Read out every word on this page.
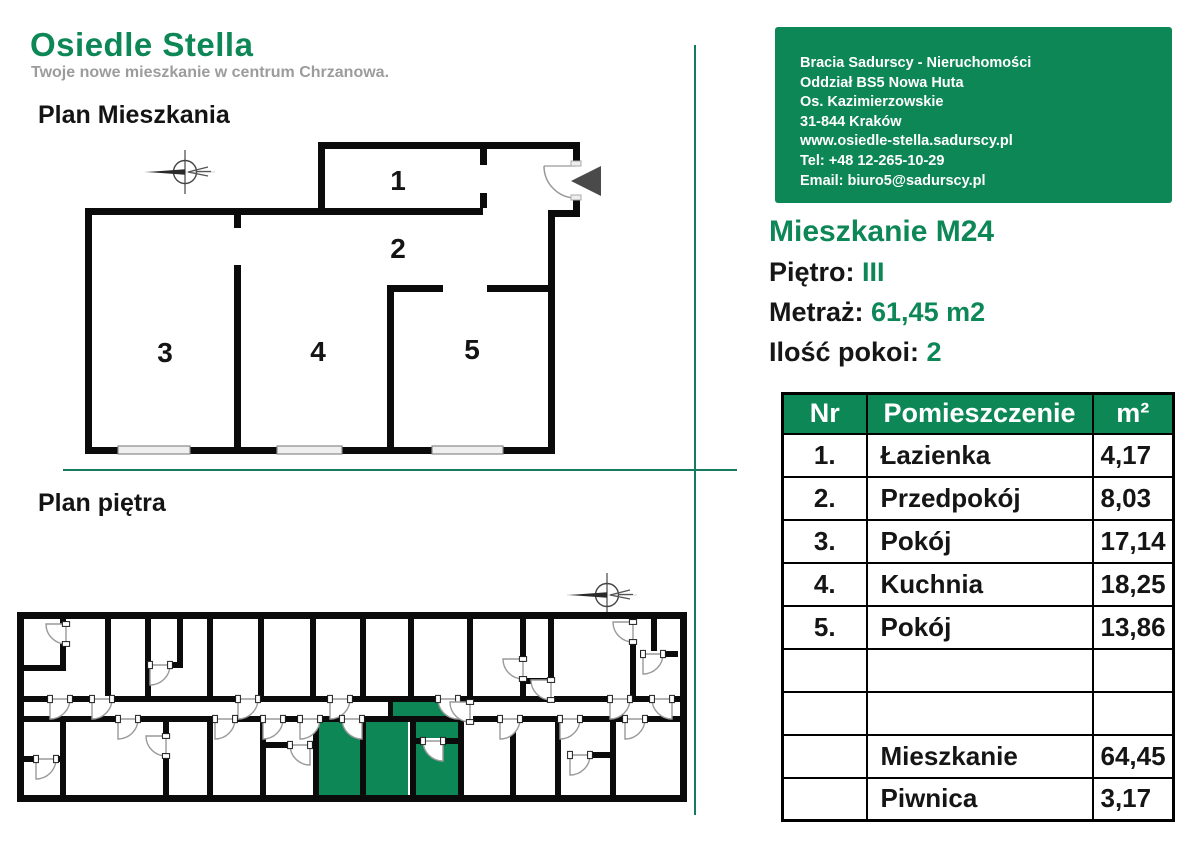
Osiedle Stella
Twoje nowe mieszkanie w centrum Chrzanowa.
Plan Mieszkania
Plan piętra
1
2
3	4	5
Bracia Sadurscy - Nieruchomości
Oddział BS5 Nowa Huta
Os. Kazimierzowskie
31-844 Kraków
www.osiedle-stella.sadurscy.pl
Tel: +48 12-265-10-29
Email: biuro5@sadurscy.pl
Mieszkanie M24
Piętro: III
Metraż: 61,45 m2
Ilość pokoi: 2
Nr	Pomieszczenie	m²
1.	Łazienka	4,17
2.	Przedpokój	8,03
3.	Pokój	17,14
4.	Kuchnia	18,25
5.	Pokój	13,86

	Mieszkanie	64,45
	Piwnica	3,17
